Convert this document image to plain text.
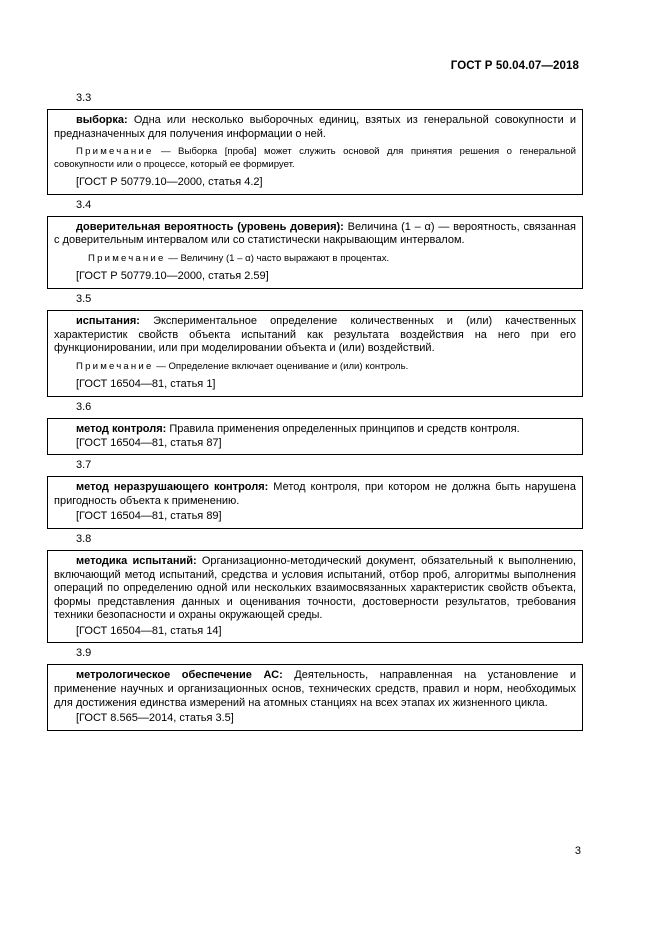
ГОСТ Р 50.04.07—2018
3.3

выборка: Одна или несколько выборочных единиц, взятых из генеральной совокупности и предназначенных для получения информации о ней.

Примечание — Выборка [проба] может служить основой для принятия решения о генеральной совокупности или о процессе, который ее формирует.

[ГОСТ Р 50779.10—2000, статья 4.2]

3.4

доверительная вероятность (уровень доверия): Величина (1 – α) — вероятность, связанная с доверительным интервалом или со статистически накрывающим интервалом.

Примечание — Величину (1 – α) часто выражают в процентах.

[ГОСТ Р 50779.10—2000, статья 2.59]

3.5

испытания: Экспериментальное определение количественных и (или) качественных характеристик свойств объекта испытаний как результата воздействия на него при его функционировании, или при моделировании объекта и (или) воздействий.

Примечание — Определение включает оценивание и (или) контроль.

[ГОСТ 16504—81, статья 1]

3.6

метод контроля: Правила применения определенных принципов и средств контроля.

[ГОСТ 16504—81, статья 87]

3.7

метод неразрушающего контроля: Метод контроля, при котором не должна быть нарушена пригодность объекта к применению.

[ГОСТ 16504—81, статья 89]

3.8

методика испытаний: Организационно-методический документ, обязательный к выполнению, включающий метод испытаний, средства и условия испытаний, отбор проб, алгоритмы выполнения операций по определению одной или нескольких взаимосвязанных характеристик свойств объекта, формы представления данных и оценивания точности, достоверности результатов, требования техники безопасности и охраны окружающей среды.

[ГОСТ 16504—81, статья 14]

3.9

метрологическое обеспечение АС: Деятельность, направленная на установление и применение научных и организационных основ, технических средств, правил и норм, необходимых для достижения единства измерений на атомных станциях на всех этапах их жизненного цикла.

[ГОСТ 8.565—2014, статья 3.5]

3
